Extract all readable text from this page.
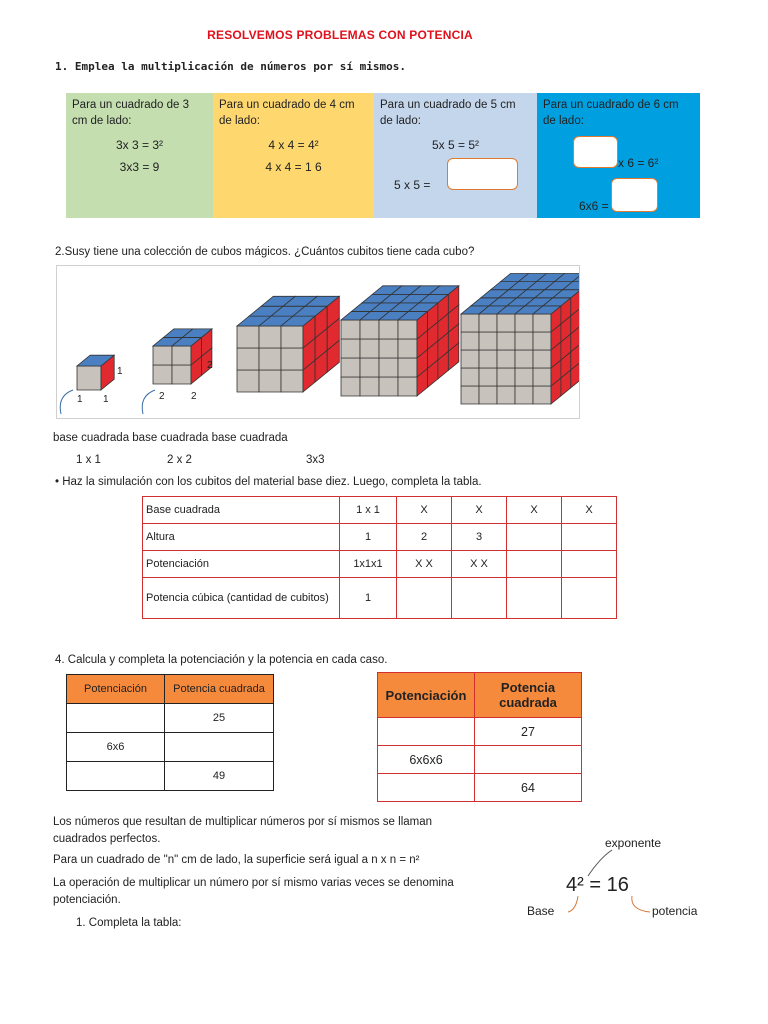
RESOLVEMOS PROBLEMAS CON POTENCIA
1. Emplea la multiplicación de números por sí mismos.
Para un cuadrado de 3
cm de lado:
3x 3 = 3²
3x3 = 9
Para un cuadrado de 4 cm
de lado:
4 x 4 = 4²
4 x 4 = 1 6
Para un cuadrado de 5 cm
de lado:
5x 5 = 5²
5 x 5 =
Para un cuadrado de 6 cm
de lado:
x 6 = 6²
6x6 =
2.Susy tiene una colección de cubos mágicos. ¿Cuántos cubitos tiene cada cubo?
1
1 1
2
2	2
base cuadrada base cuadrada base cuadrada
1 x 1	2 x 2	3x3
• Haz la simulación con los cubitos del material base diez. Luego, completa la tabla.
Base cuadrada	1 x 1	X	X	X	X
Altura	1	2	3		
Potenciación	1x1x1	X X	X X		
Potencia cúbica (cantidad de cubitos)	1				
4. Calcula y completa la potenciación y la potencia en cada caso.
Potenciación	Potencia cuadrada
	25
6x6	
	49
Potenciación	Potencia cuadrada
	27
6x6x6	
	64
Los números que resultan de multiplicar números por sí mismos se llaman
cuadrados perfectos.
Para un cuadrado de "n" cm de lado, la superficie será igual a n x n = n²
La operación de multiplicar un número por sí mismo varias veces se denomina
potenciación.
1. Completa la tabla:
exponente
4² = 16
Base	potencia
